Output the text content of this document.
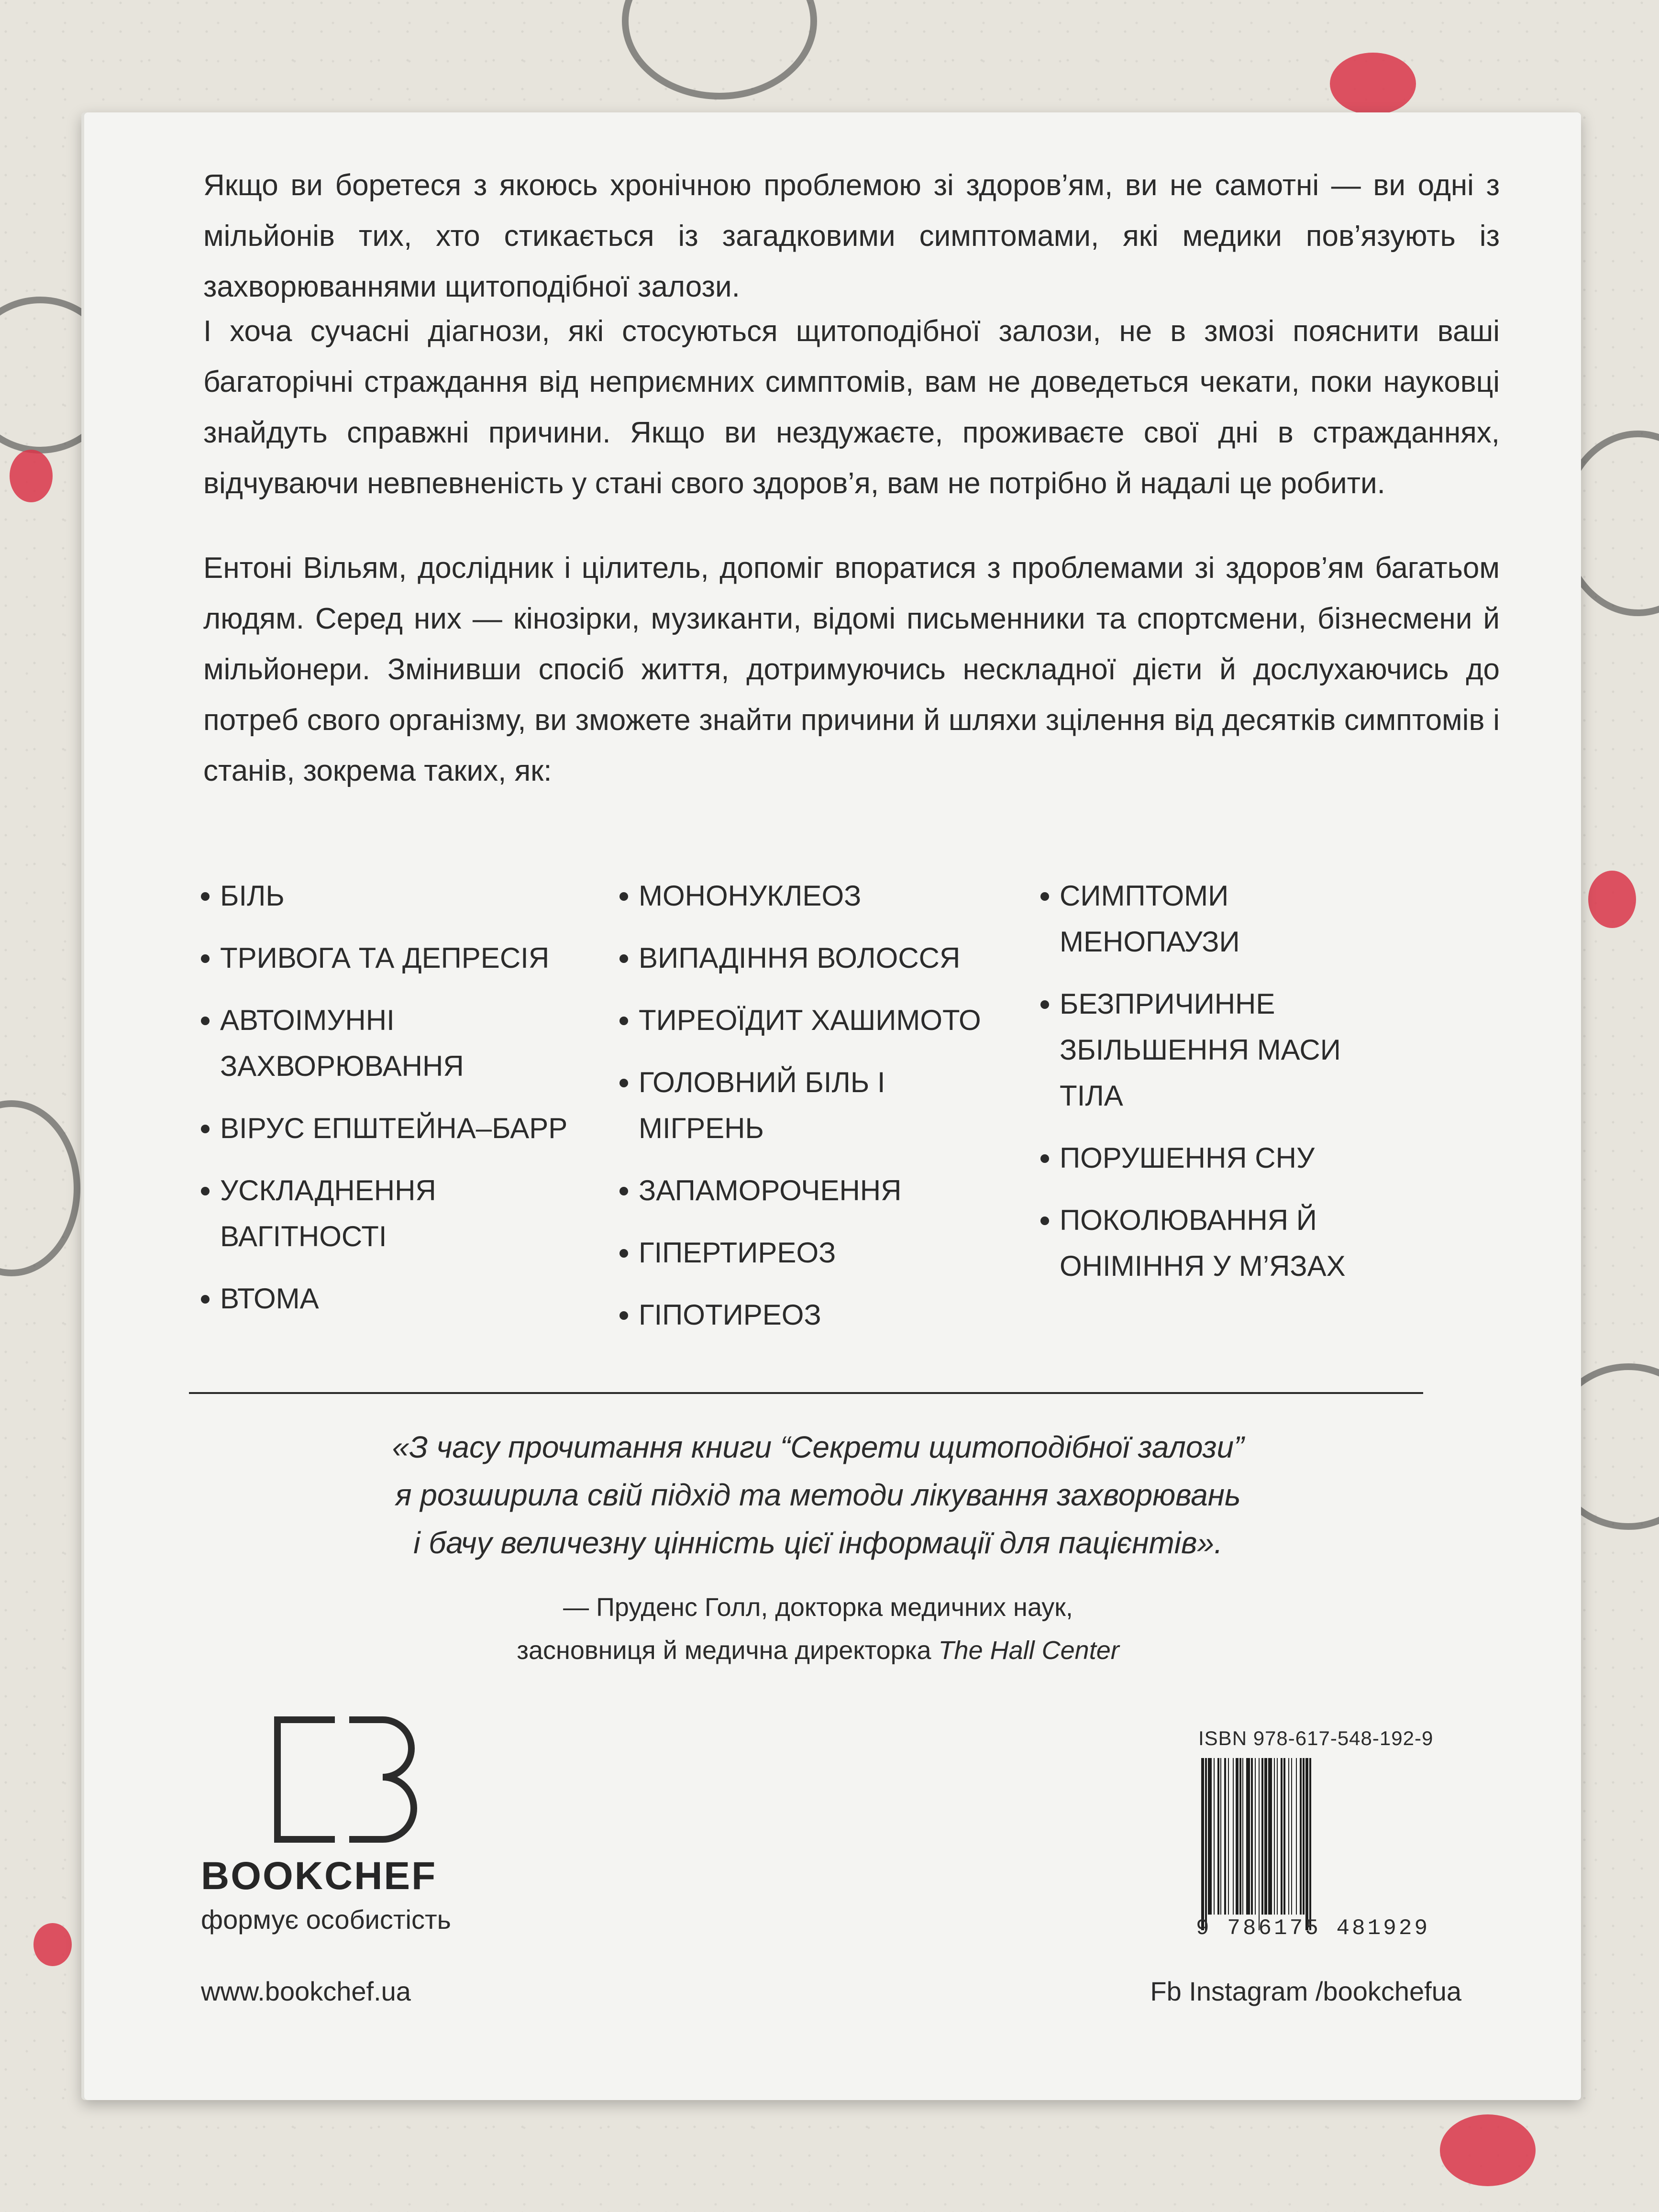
Якщо ви боретеся з якоюсь хронічною проблемою зі здоров’ям, ви не самотні — ви одні з мільйонів тих, хто стикається із загадковими симптомами, які медики пов’язують із захворюваннями щитоподібної залози.

І хоча сучасні діагнози, які стосуються щитоподібної залози, не в змозі пояснити ваші багаторічні страждання від неприємних симптомів, вам не доведеться чекати, поки науковці знайдуть справжні причини. Якщо ви нездужаєте, проживаєте свої дні в стражданнях, відчуваючи невпевненість у стані свого здоров’я, вам не потрібно й надалі це робити.

Ентоні Вільям, дослідник і цілитель, допоміг впоратися з проблемами зі здоров’ям багатьом людям. Серед них — кінозірки, музиканти, відомі письменники та спортсмени, бізнесмени й мільйонери. Змінивши спосіб життя, дотримуючись нескладної дієти й дослухаючись до потреб свого організму, ви зможете знайти причини й шляхи зцілення від десятків симптомів і станів, зокрема таких, як:

БІЛЬ
ТРИВОГА ТА ДЕПРЕСІЯ
АВТОІМУННІ ЗАХВОРЮВАННЯ
ВІРУС ЕПШТЕЙНА–БАРР
УСКЛАДНЕННЯ ВАГІТНОСТІ
ВТОМА
МОНОНУКЛЕОЗ
ВИПАДІННЯ ВОЛОССЯ
ТИРЕОЇДИТ ХАШИМОТО
ГОЛОВНИЙ БІЛЬ І МІГРЕНЬ
ЗАПАМОРОЧЕННЯ
ГІПЕРТИРЕОЗ
ГІПОТИРЕОЗ
СИМПТОМИ МЕНОПАУЗИ
БЕЗПРИЧИННЕ ЗБІЛЬШЕННЯ МАСИ ТІЛА
ПОРУШЕННЯ СНУ
ПОКОЛЮВАННЯ Й ОНІМІННЯ У М’ЯЗАХ
«З часу прочитання книги “Секрети щитоподібної залози”
я розширила свій підхід та методи лікування захворювань
і бачу величезну цінність цієї інформації для пацієнтів».
— Пруденс Голл, докторка медичних наук,
засновниця й медична директорка The Hall Center
BOOKCHEF
формує особистість
www.bookchef.ua	Fb Instagram /bookchefua
ISBN 978-617-548-192-9
9 786175 481929
